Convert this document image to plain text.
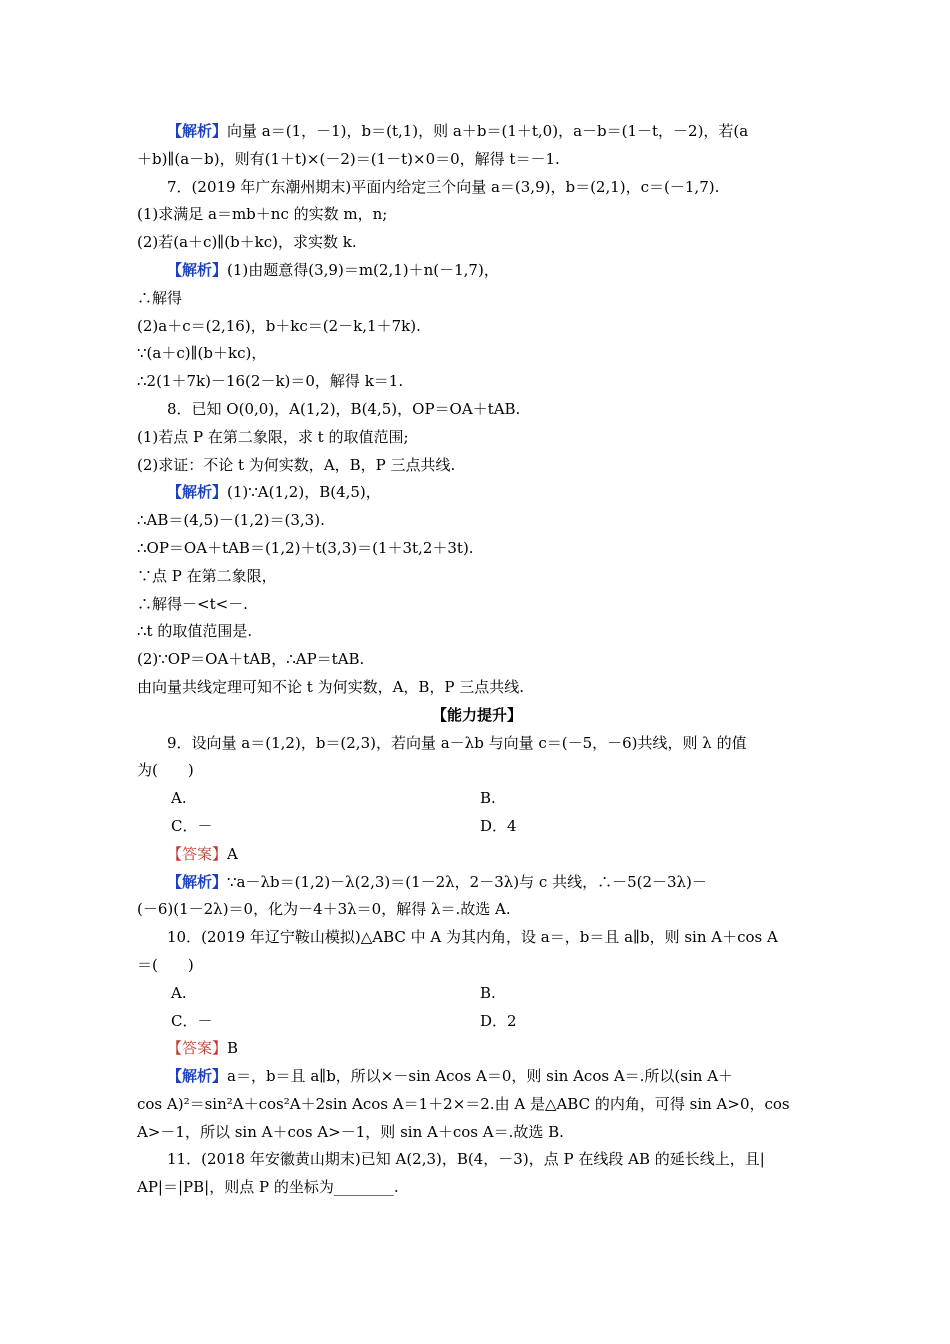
【解析】向量 a＝(1，－1)，b＝(t,1)，则 a＋b＝(1＋t,0)，a－b＝(1－t，－2)，若(a
＋b)∥(a－b)，则有(1＋t)×(－2)＝(1－t)×0＝0，解得 t＝－1.
7．(2019 年广东潮州期末)平面内给定三个向量 a＝(3,9)，b＝(2,1)，c＝(－1,7).
(1)求满足 a＝mb＋nc 的实数 m，n;
(2)若(a＋c)∥(b＋kc)，求实数 k.
【解析】(1)由题意得(3,9)＝m(2,1)＋n(－1,7)，
∴解得
(2)a＋c＝(2,16)，b＋kc＝(2－k,1＋7k).
∵(a＋c)∥(b＋kc)，
∴2(1＋7k)－16(2－k)＝0，解得 k＝1.
8．已知 O(0,0)，A(1,2)，B(4,5)，OP＝OA＋tAB.
(1)若点 P 在第二象限，求 t 的取值范围;
(2)求证：不论 t 为何实数，A，B，P 三点共线.
【解析】(1)∵A(1,2)，B(4,5)，
∴AB＝(4,5)－(1,2)＝(3,3).
∴OP＝OA＋tAB＝(1,2)＋t(3,3)＝(1＋3t,2＋3t).
∵点 P 在第二象限，
∴解得－<t<－.
∴t 的取值范围是.
(2)∵OP＝OA＋tAB，∴AP＝tAB.
由向量共线定理可知不论 t 为何实数，A，B，P 三点共线.
【能力提升】
9．设向量 a＝(1,2)，b＝(2,3)，若向量 a－λb 与向量 c＝(－5，－6)共线，则 λ 的值
为(　　)
A.	B.
C．－	D．4
【答案】A
【解析】∵a－λb＝(1,2)－λ(2,3)＝(1－2λ，2－3λ)与 c 共线，∴－5(2－3λ)－
(－6)(1－2λ)＝0，化为－4＋3λ＝0，解得 λ＝.故选 A.
10．(2019 年辽宁鞍山模拟)△ABC 中 A 为其内角，设 a＝，b＝且 a∥b，则 sin A＋cos A
＝(　　)
A.	B.
C．－	D．2
【答案】B
【解析】a＝，b＝且 a∥b，所以×－sin Acos A＝0，则 sin Acos A＝.所以(sin A＋
cos A)²＝sin²A＋cos²A＋2sin Acos A＝1＋2×＝2.由 A 是△ABC 的内角，可得 sin A>0，cos
A>－1，所以 sin A＋cos A>－1，则 sin A＋cos A＝.故选 B.
11．(2018 年安徽黄山期末)已知 A(2,3)，B(4，－3)，点 P 在线段 AB 的延长线上，且|
AP|＝|PB|，则点 P 的坐标为________.
